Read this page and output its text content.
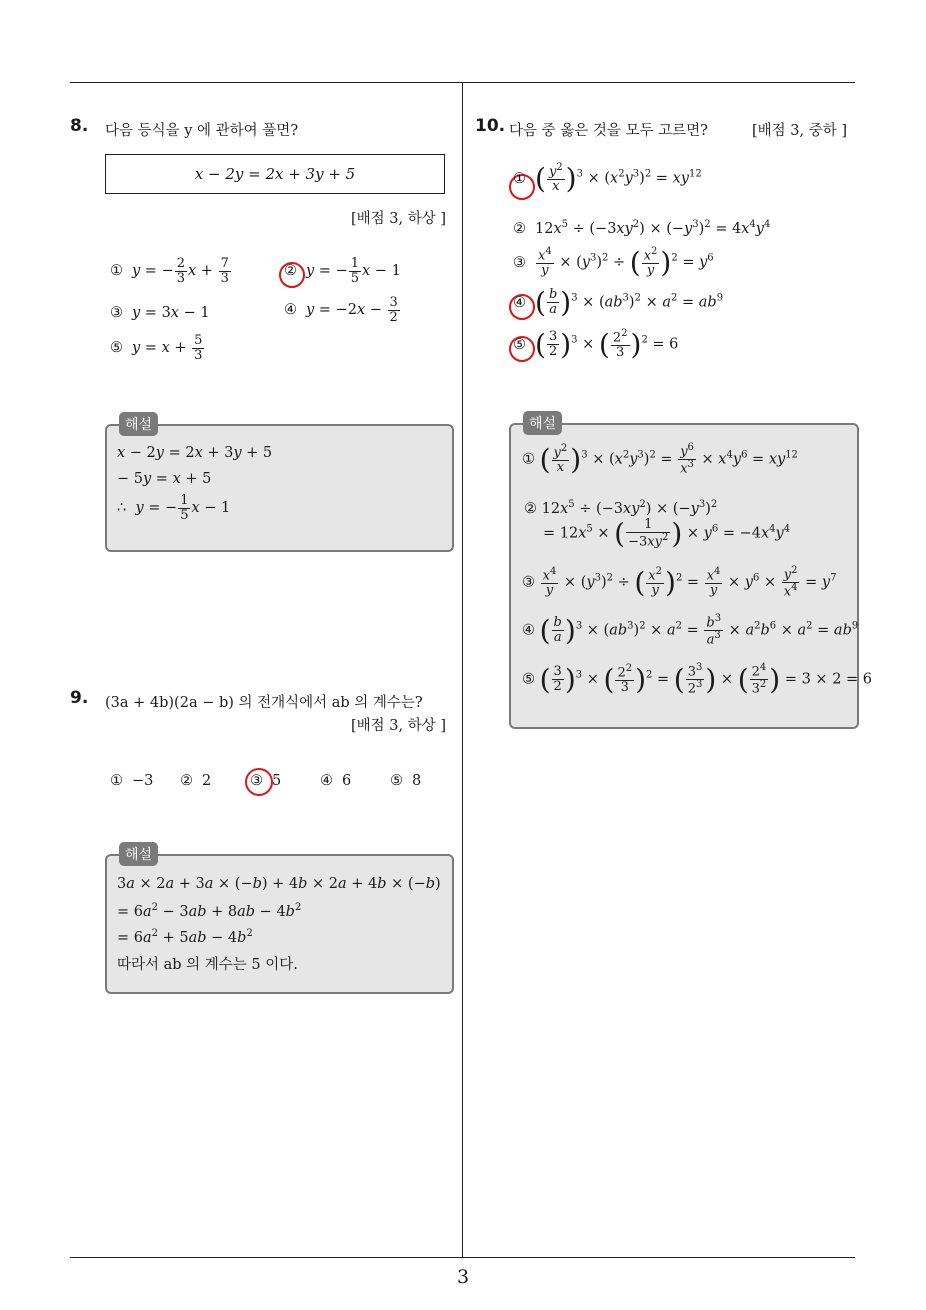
3
8. 다음 등식을 y 에 관하여 풀면?
x − 2y = 2x + 3y + 5
[배점 3, 하상 ]
① y = − $\frac{2}{3}$ $x + \frac{7}{3}$	② y = − $\frac{1}{5}$ x − 1
③ y = 3x − 1	④ $y = -2x - \frac{3}{2}$
⑤ $y = x + \frac{5}{3}$
해설
x − 2y = 2x + 3y + 5
− 5y = x + 5
∴  y = − $\frac{1}{5}$ x − 1
9. (3a + 4b)(2a − b) 의 전개식에서 ab 의 계수는?
[배점 3, 하상 ]
① −3 ② 2	③ 5	④ 6	⑤ 8
해설
3a × 2a + 3a × (−b) + 4b × 2a + 4b × (−b)
= $6a^2 - 3ab + 8ab - 4b^2$
= $6a^2 + 5ab - 4b^2$
따라서 ab 의 계수는 5 이다.
10. 다음 중 옳은 것을 모두 고르면?	[배점 3, 중하 ]
① ( $\frac{y^2}{x} )^3 \times (x^2y^3)^2 = xy^{12}$
② $12x^5 \div (-3xy^2) \times (-y^3)^2 = 4x^4y^4$
③ $\frac{x^4}{y} \times (y^3)^2$ ÷ ( $\frac{x^2}{y} )^2 = y^6$
④ ( $\frac{b}{a} )^3 \times (ab^3)^2 \times a^2 = ab^9$
⑤ ( $\frac{3}{2} )^3$ × ( $\frac{2^2}{3} )^2 = 6$
해설
① ( $\frac{y^2}{x} )^3 \times (x^2y^3)^2 = \frac{y^6}{x^3} \times x^4y^6 = xy^{12}$
② $12x^5 \div (-3xy^2) \times (-y^3)^2$
= $12x^5$ × ( $\frac{1}{-3xy^2}$ ) × $y^6 = -4x^4y^4$
③ $\frac{x^4}{y} \times (y^3)^2$ ÷ ( $\frac{x^2}{y} )^2 = \frac{x^4}{y} \times y^6 \times \frac{y^2}{x^4} = y^7$
④ ( $\frac{b}{a} )^3 \times (ab^3)^2 \times a^2 = \frac{b^3}{a^3} \times a^2b^6 \times a^2 = ab^9$
⑤ ( $\frac{3}{2} )^3$ × ( $\frac{2^2}{3} )^2$ = ( $\frac{3^3}{2^3}$ ) × ( $\frac{2^4}{3^2}$ ) = 3 × 2 = 6
